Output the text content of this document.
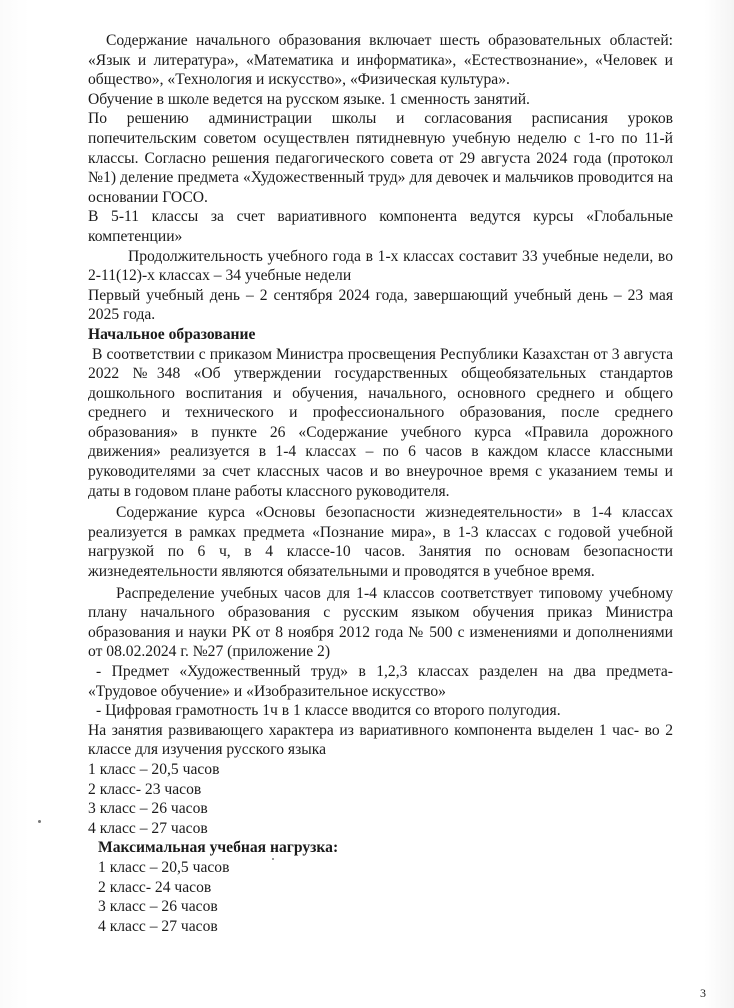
Содержание начального образования включает шесть образовательных областей: «Язык и литература», «Математика и информатика», «Естествознание», «Человек и общество», «Технология и искусство», «Физическая культура».

Обучение в школе ведется на русском языке. 1 сменность занятий.

По решению администрации школы и согласования расписания уроков попечительским советом осуществлен пятидневную учебную неделю с 1-го по 11-й классы. Согласно решения педагогического совета от 29 августа 2024 года (протокол №1) деление предмета «Художественный труд» для девочек и мальчиков проводится на основании ГОСО.

В 5-11 классы за счет вариативного компонента ведутся курсы «Глобальные компетенции»

Продолжительность учебного года в 1-х классах составит 33 учебные недели, во 2-11(12)-х классах – 34 учебные недели

Первый учебный день – 2 сентября 2024 года, завершающий учебный день – 23 мая 2025 года.

Начальное образование

В соответствии с приказом Министра просвещения Республики Казахстан от 3 августа 2022 №348 «Об утверждении государственных общеобязательных стандартов дошкольного воспитания и обучения, начального, основного среднего и общего среднего и технического и профессионального образования, после среднего образования» в пункте 26 «Содержание учебного курса «Правила дорожного движения» реализуется в 1-4 классах – по 6 часов в каждом классе классными руководителями за счет классных часов и во внеурочное время с указанием темы и даты в годовом плане работы классного руководителя.

Содержание курса «Основы безопасности жизнедеятельности» в 1-4 классах реализуется в рамках предмета «Познание мира», в 1-3 классах с годовой учебной нагрузкой по 6 ч, в 4 классе-10 часов. Занятия по основам безопасности жизнедеятельности являются обязательными и проводятся в учебное время.

Распределение учебных часов для 1-4 классов соответствует типовому учебному плану начального образования с русским языком обучения приказ Министра образования и науки РК от 8 ноября 2012 года № 500 с изменениями и дополнениями от 08.02.2024 г. №27 (приложение 2)

- Предмет «Художественный труд» в 1,2,3 классах разделен на два предмета- «Трудовое обучение» и «Изобразительное искусство»

- Цифровая грамотность 1ч в 1 классе вводится со второго полугодия.

На занятия развивающего характера из вариативного компонента выделен 1 час- во 2 классе для изучения русского языка

1 класс – 20,5 часов

2 класс- 23 часов

3 класс – 26 часов

4 класс – 27 часов

Максимальная учебная нагрузка:

1 класс – 20,5 часов

2 класс- 24 часов

3 класс – 26 часов

4 класс – 27 часов

3
